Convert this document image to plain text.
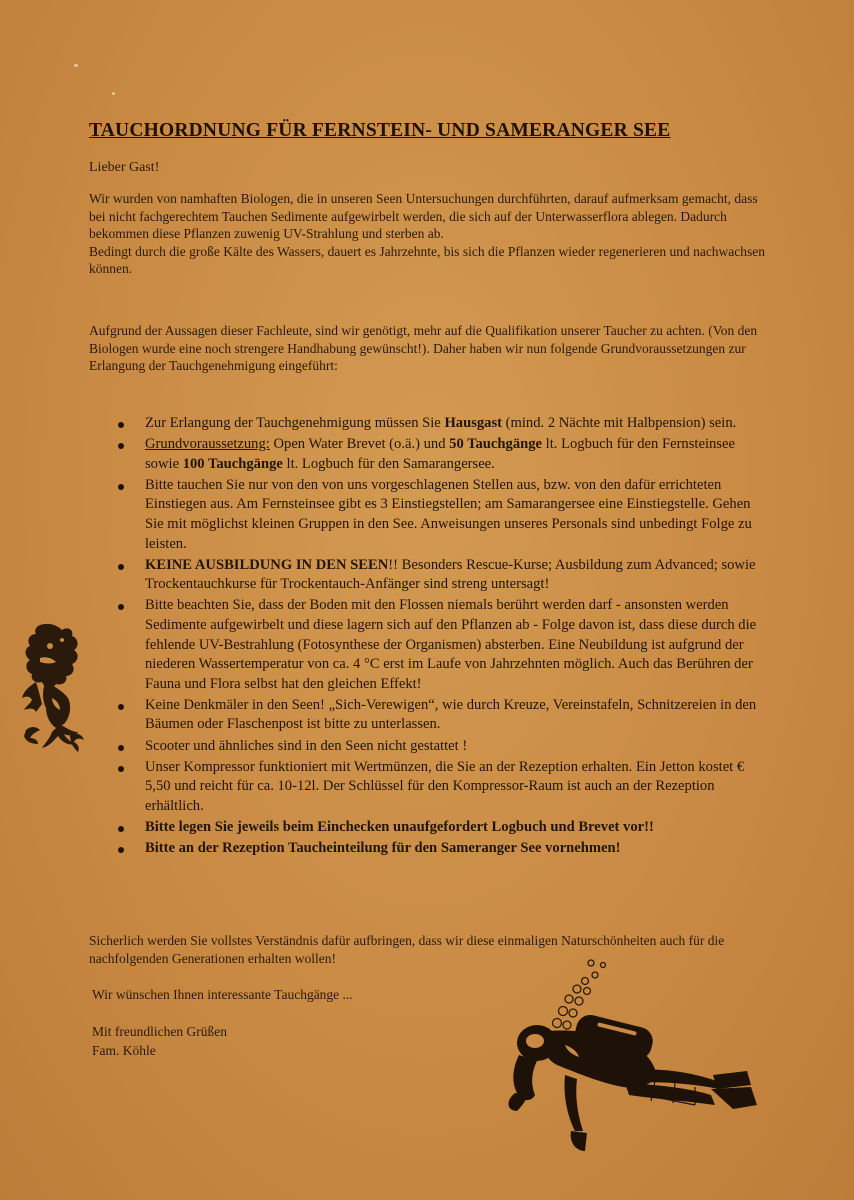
TAUCHORDNUNG FÜR FERNSTEIN- UND SAMERANGER SEE
Lieber Gast!
Wir wurden von namhaften Biologen, die in unseren Seen Untersuchungen durchführten, darauf aufmerksam gemacht, dass bei nicht fachgerechtem Tauchen Sedimente aufgewirbelt werden, die sich auf der Unterwasserflora ablegen. Dadurch bekommen diese Pflanzen zuwenig UV-Strahlung und sterben ab.
Bedingt durch die große Kälte des Wassers, dauert es Jahrzehnte, bis sich die Pflanzen wieder regenerieren und nachwachsen können.
Aufgrund der Aussagen dieser Fachleute, sind wir genötigt, mehr auf die Qualifikation unserer Taucher zu achten. (Von den Biologen wurde eine noch strengere Handhabung gewünscht!). Daher haben wir nun folgende Grundvoraussetzungen zur Erlangung der Tauchgenehmigung eingeführt:
Zur Erlangung der Tauchgenehmigung müssen Sie Hausgast (mind. 2 Nächte mit Halbpension) sein.
Grundvoraussetzung: Open Water Brevet (o.ä.) und 50 Tauchgänge lt. Logbuch für den Fernsteinsee sowie 100 Tauchgänge lt. Logbuch für den Samarangersee.
Bitte tauchen Sie nur von den von uns vorgeschlagenen Stellen aus, bzw. von den dafür errichteten Einstiegen aus. Am Fernsteinsee gibt es 3 Einstiegstellen; am Samarangersee eine Einstiegstelle. Gehen Sie mit möglichst kleinen Gruppen in den See. Anweisungen unseres Personals sind unbedingt Folge zu leisten.
KEINE AUSBILDUNG IN DEN SEEN!! Besonders Rescue-Kurse; Ausbildung zum Advanced; sowie Trockentauchkurse für Trockentauch-Anfänger sind streng untersagt!
Bitte beachten Sie, dass der Boden mit den Flossen niemals berührt werden darf - ansonsten werden Sedimente aufgewirbelt und diese lagern sich auf den Pflanzen ab - Folge davon ist, dass diese durch die fehlende UV-Bestrahlung (Fotosynthese der Organismen) absterben. Eine Neubildung ist aufgrund der niederen Wassertemperatur von ca. 4 °C erst im Laufe von Jahrzehnten möglich. Auch das Berühren der Fauna und Flora selbst hat den gleichen Effekt!
Keine Denkmäler in den Seen! „Sich-Verewigen“, wie durch Kreuze, Vereinstafeln, Schnitzereien in den Bäumen oder Flaschenpost ist bitte zu unterlassen.
Scooter und ähnliches sind in den Seen nicht gestattet !
Unser Kompressor funktioniert mit Wertmünzen, die Sie an der Rezeption erhalten. Ein Jetton kostet € 5,50 und reicht für ca. 10-12l. Der Schlüssel für den Kompressor-Raum ist auch an der Rezeption erhältlich.
Bitte legen Sie jeweils beim Einchecken unaufgefordert Logbuch und Brevet vor!!
Bitte an der Rezeption Taucheinteilung für den Sameranger See vornehmen!
Sicherlich werden Sie vollstes Verständnis dafür aufbringen, dass wir diese einmaligen Naturschönheiten auch für die nachfolgenden Generationen erhalten wollen!
Wir wünschen Ihnen interessante Tauchgänge ...
Mit freundlichen Grüßen
Fam. Köhle
